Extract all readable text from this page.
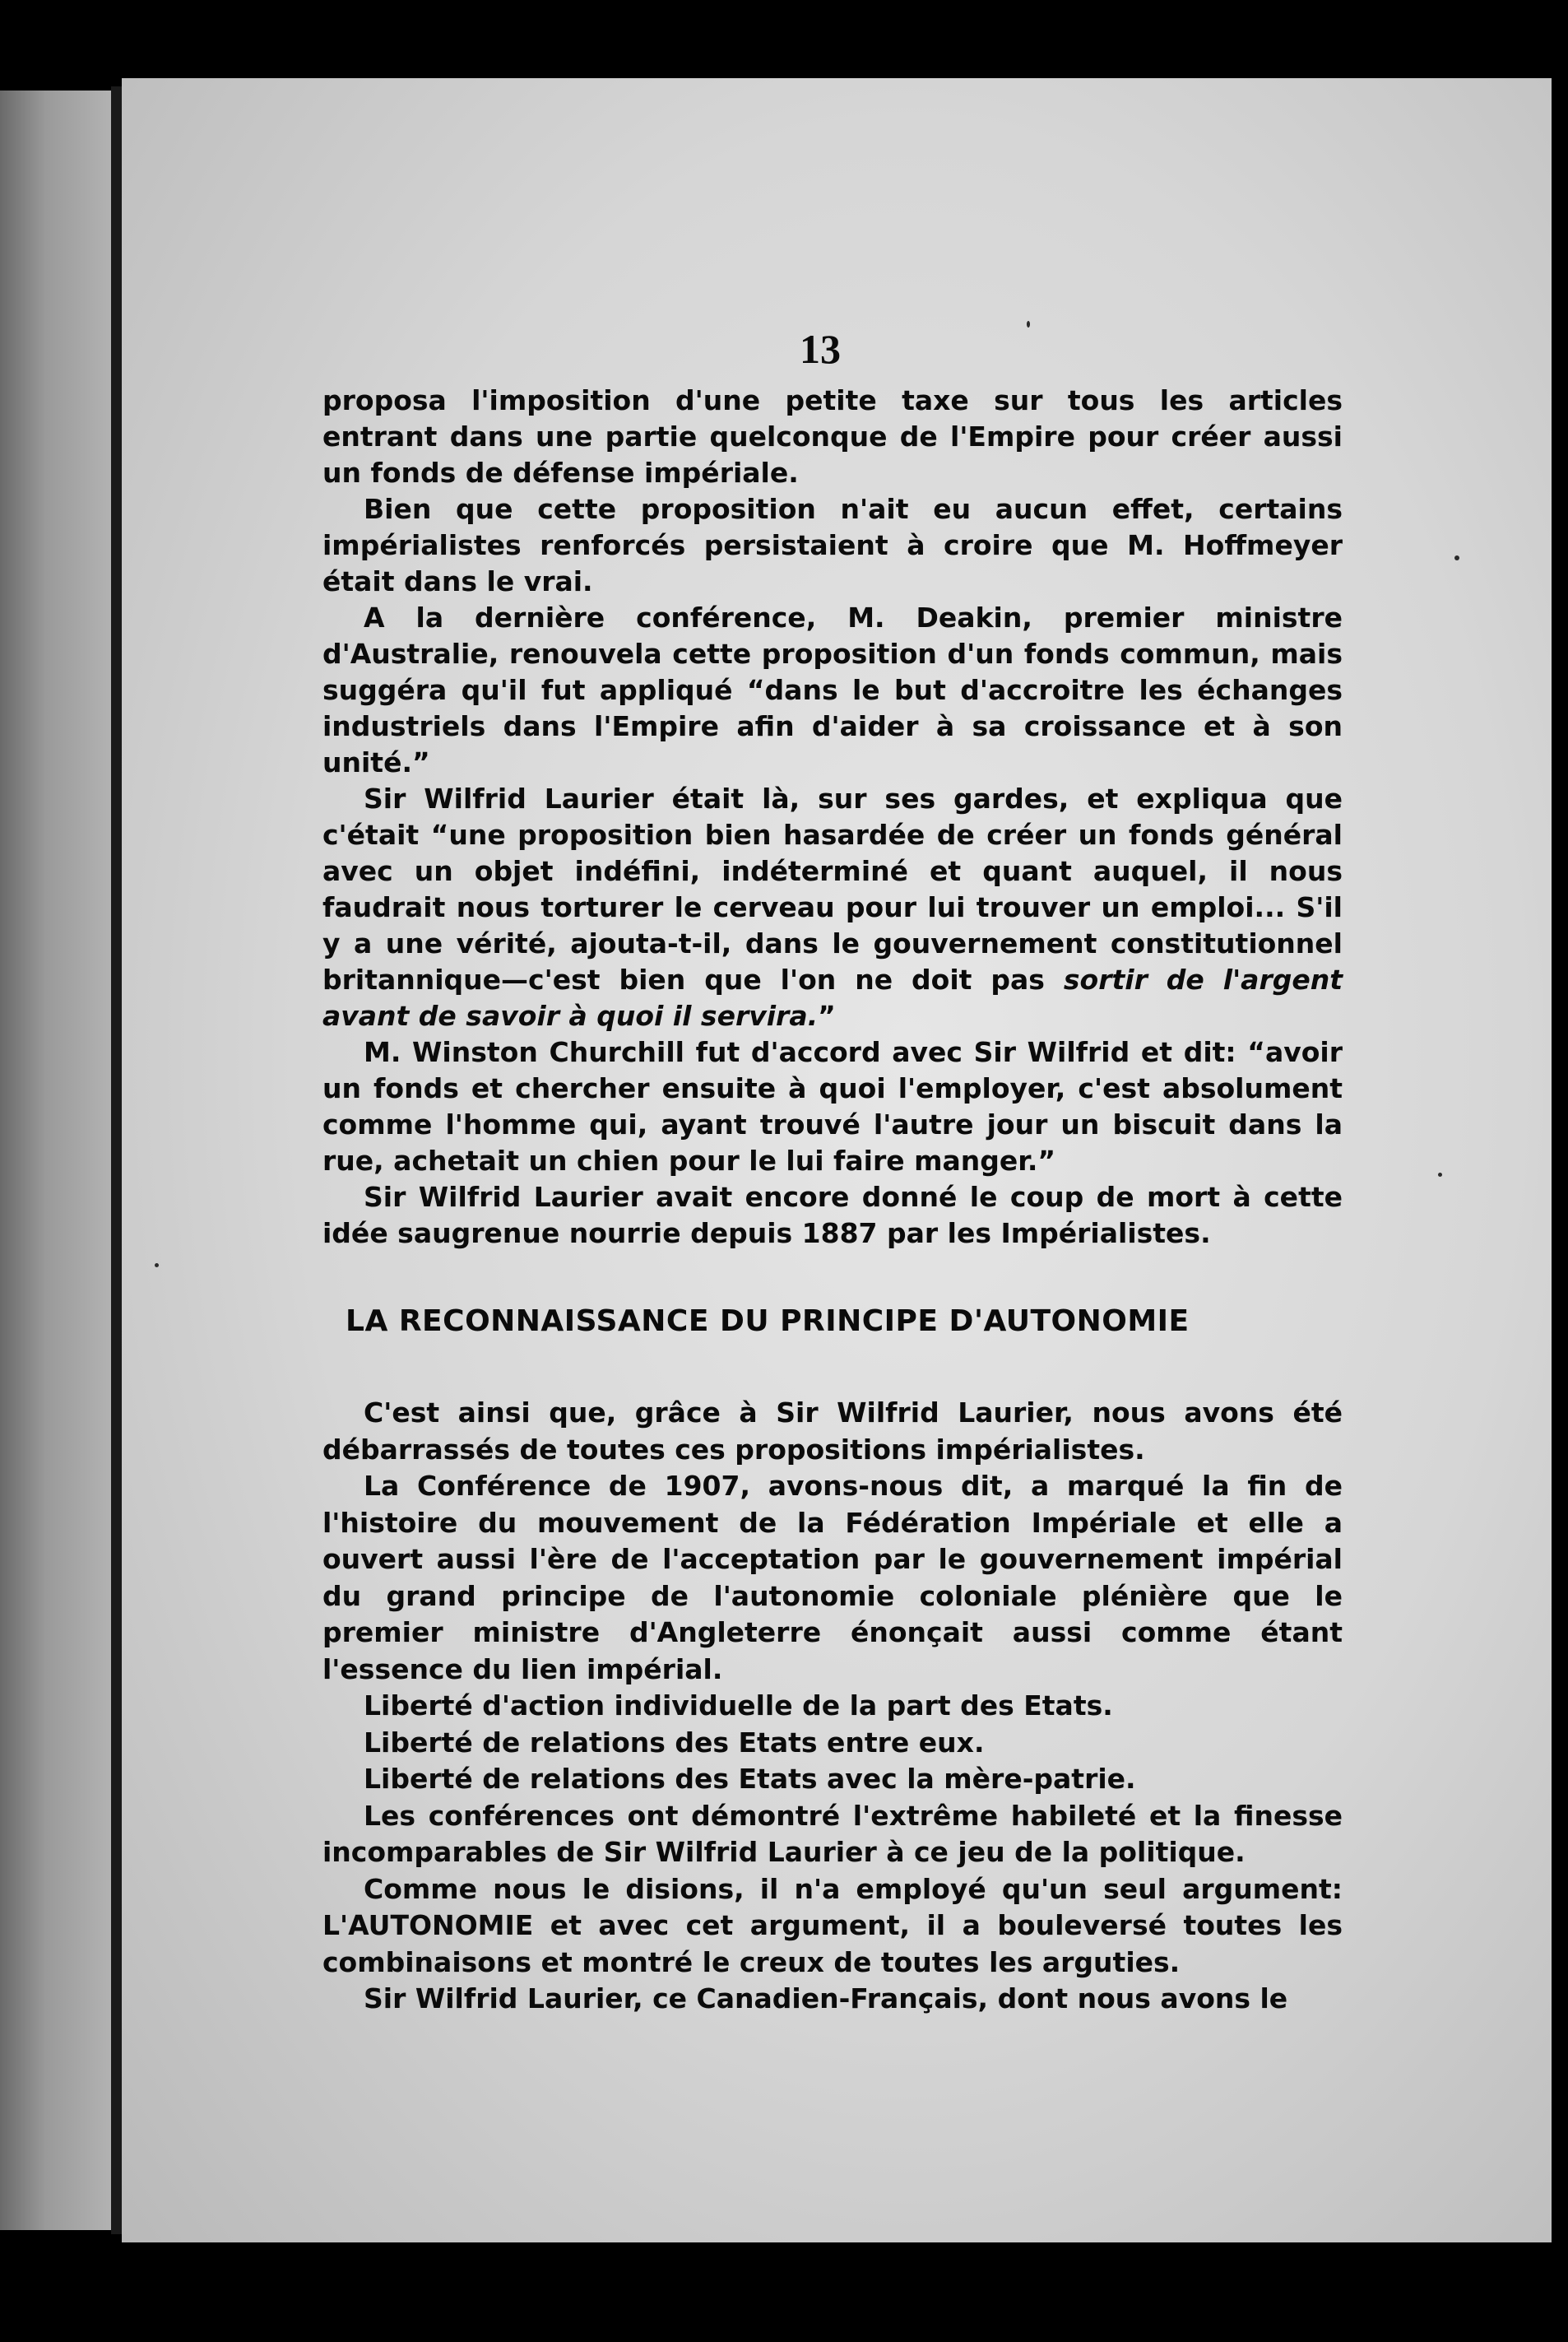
13

proposa l'imposition d'une petite taxe sur tous les articles entrant dans une partie quelconque de l'Empire pour créer aussi un fonds de défense impériale.

Bien que cette proposition n'ait eu aucun effet, certains impérialistes renforcés persistaient à croire que M. Hoffmeyer était dans le vrai.

A la dernière conférence, M. Deakin, premier ministre d'Australie, renouvela cette proposition d'un fonds commun, mais suggéra qu'il fut appliqué “dans le but d'accroitre les échanges industriels dans l'Empire afin d'aider à sa croissance et à son unité.”

Sir Wilfrid Laurier était là, sur ses gardes, et expliqua que c'était “une proposition bien hasardée de créer un fonds général avec un objet indéfini, indéterminé et quant auquel, il nous faudrait nous torturer le cerveau pour lui trouver un emploi... S'il y a une vérité, ajouta-t-il, dans le gouvernement constitutionnel britannique—c'est bien que l'on ne doit pas sortir de l'argent avant de savoir à quoi il servira.”

M. Winston Churchill fut d'accord avec Sir Wilfrid et dit: “avoir un fonds et chercher ensuite à quoi l'employer, c'est absolument comme l'homme qui, ayant trouvé l'autre jour un biscuit dans la rue, achetait un chien pour le lui faire manger.”

Sir Wilfrid Laurier avait encore donné le coup de mort à cette idée saugrenue nourrie depuis 1887 par les Impérialistes.

LA RECONNAISSANCE DU PRINCIPE D'AUTONOMIE

C'est ainsi que, grâce à Sir Wilfrid Laurier, nous avons été débarrassés de toutes ces propositions impérialistes.

La Conférence de 1907, avons-nous dit, a marqué la fin de l'histoire du mouvement de la Fédération Impériale et elle a ouvert aussi l'ère de l'acceptation par le gouvernement impérial du grand principe de l'autonomie coloniale plénière que le premier ministre d'Angleterre énonçait aussi comme étant l'essence du lien impérial.

Liberté d'action individuelle de la part des Etats.

Liberté de relations des Etats entre eux.

Liberté de relations des Etats avec la mère-patrie.

Les conférences ont démontré l'extrême habileté et la finesse incomparables de Sir Wilfrid Laurier à ce jeu de la politique.

Comme nous le disions, il n'a employé qu'un seul argument: L'AUTONOMIE et avec cet argument, il a bouleversé toutes les combinaisons et montré le creux de toutes les arguties.

Sir Wilfrid Laurier, ce Canadien-Français, dont nous avons le
